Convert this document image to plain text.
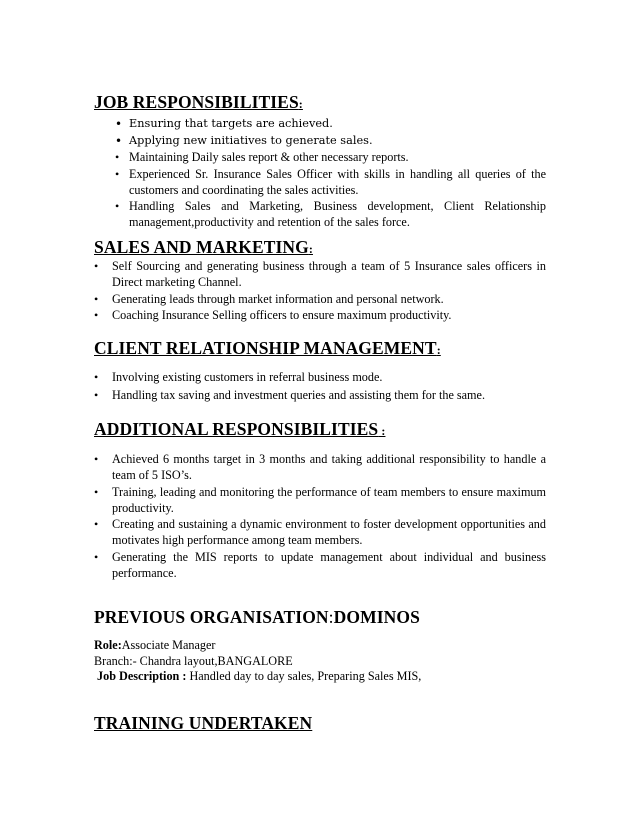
JOB RESPONSIBILITIES:
• Ensuring that targets are achieved.
• Applying new initiatives to generate sales.
• Maintaining Daily sales report & other necessary reports.
• Experienced Sr. Insurance Sales Officer with skills in handling all queries of the customers and coordinating the sales activities.
• Handling Sales and Marketing, Business development, Client Relationship management,productivity and retention of the sales force.
SALES AND MARKETING:
• Self Sourcing and generating business through a team of 5 Insurance sales officers in Direct marketing Channel.
• Generating leads through market information and personal network.
• Coaching Insurance Selling officers to ensure maximum productivity.
CLIENT RELATIONSHIP MANAGEMENT:
• Involving existing customers in referral business mode.
• Handling tax saving and investment queries and assisting them for the same.
ADDITIONAL RESPONSIBILITIES :
• Achieved 6 months target in 3 months and taking additional responsibility to handle a team of 5 ISO’s.
• Training, leading and monitoring the performance of team members to ensure maximum productivity.
• Creating and sustaining a dynamic environment to foster development opportunities and motivates high performance among team members.
• Generating the MIS reports to update management about individual and business performance.
PREVIOUS ORGANISATION:DOMINOS

Role:Associate Manager

Branch:- Chandra layout,BANGALORE

Job Description : Handled day to day sales, Preparing Sales MIS,

TRAINING UNDERTAKEN
